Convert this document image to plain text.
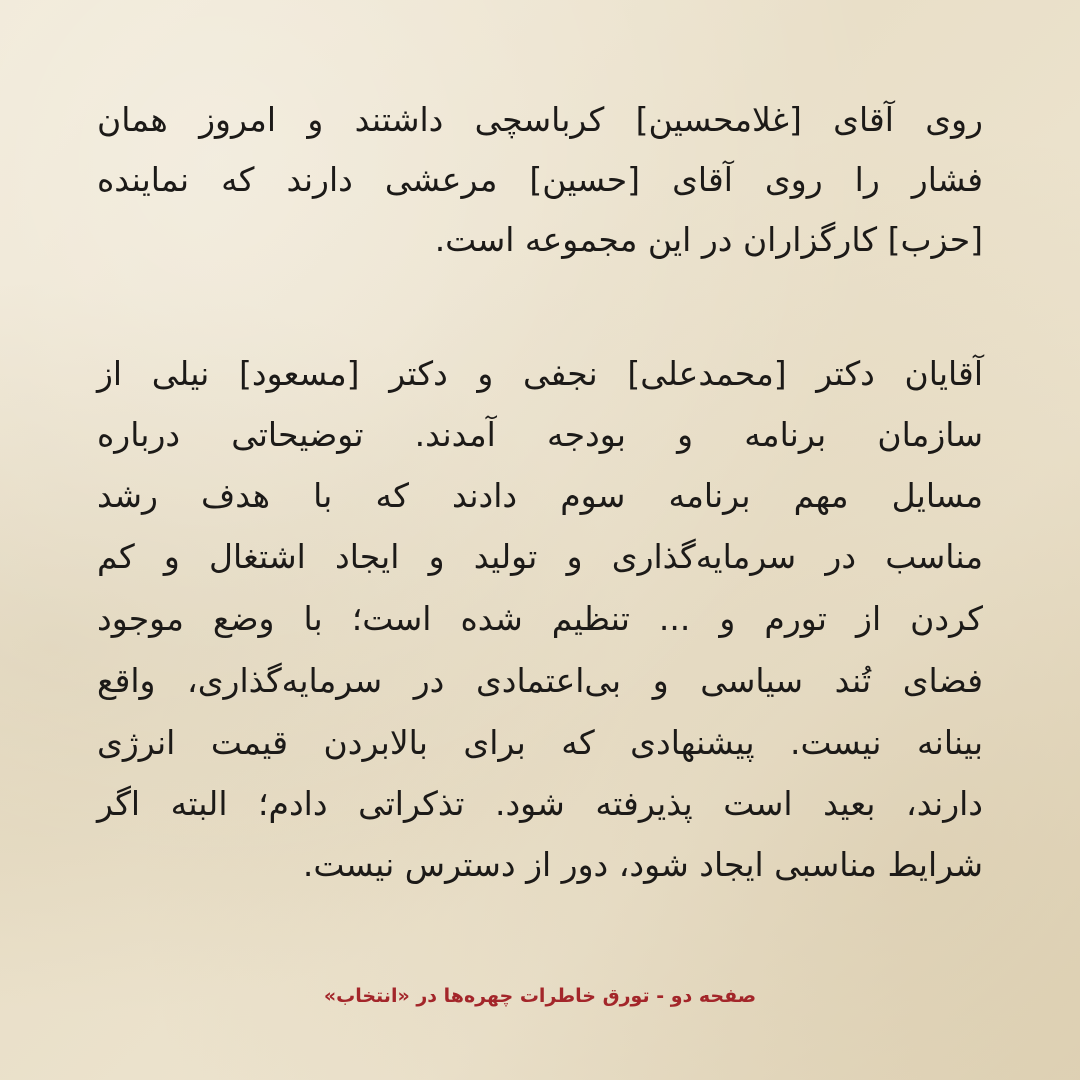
روی آقای [غلامحسین] کرباسچی داشتند و امروز همان
فشار را روی آقای [حسین] مرعشی دارند که نماینده
[حزب] کارگزاران در این مجموعه است.
آقایان دکتر [محمدعلی] نجفی و دکتر [مسعود] نیلی از
سازمان برنامه و بودجه آمدند. توضیحاتی درباره
مسایل مهم برنامه سوم دادند که با هدف رشد
مناسب در سرمایه‌گذاری و تولید و ایجاد اشتغال و کم
کردن از تورم و ... تنظیم شده است؛ با وضع موجود
فضای تُند سیاسی و بی‌اعتمادی در سرمایه‌گذاری، واقع
بینانه نیست. پیشنهادی که برای بالابردن قیمت انرژی
دارند، بعید است پذیرفته شود. تذکراتی دادم؛ البته اگر
شرایط مناسبی ایجاد شود، دور از دسترس نیست.
صفحه دو - تورق خاطرات چهره‌ها در «انتخاب»
